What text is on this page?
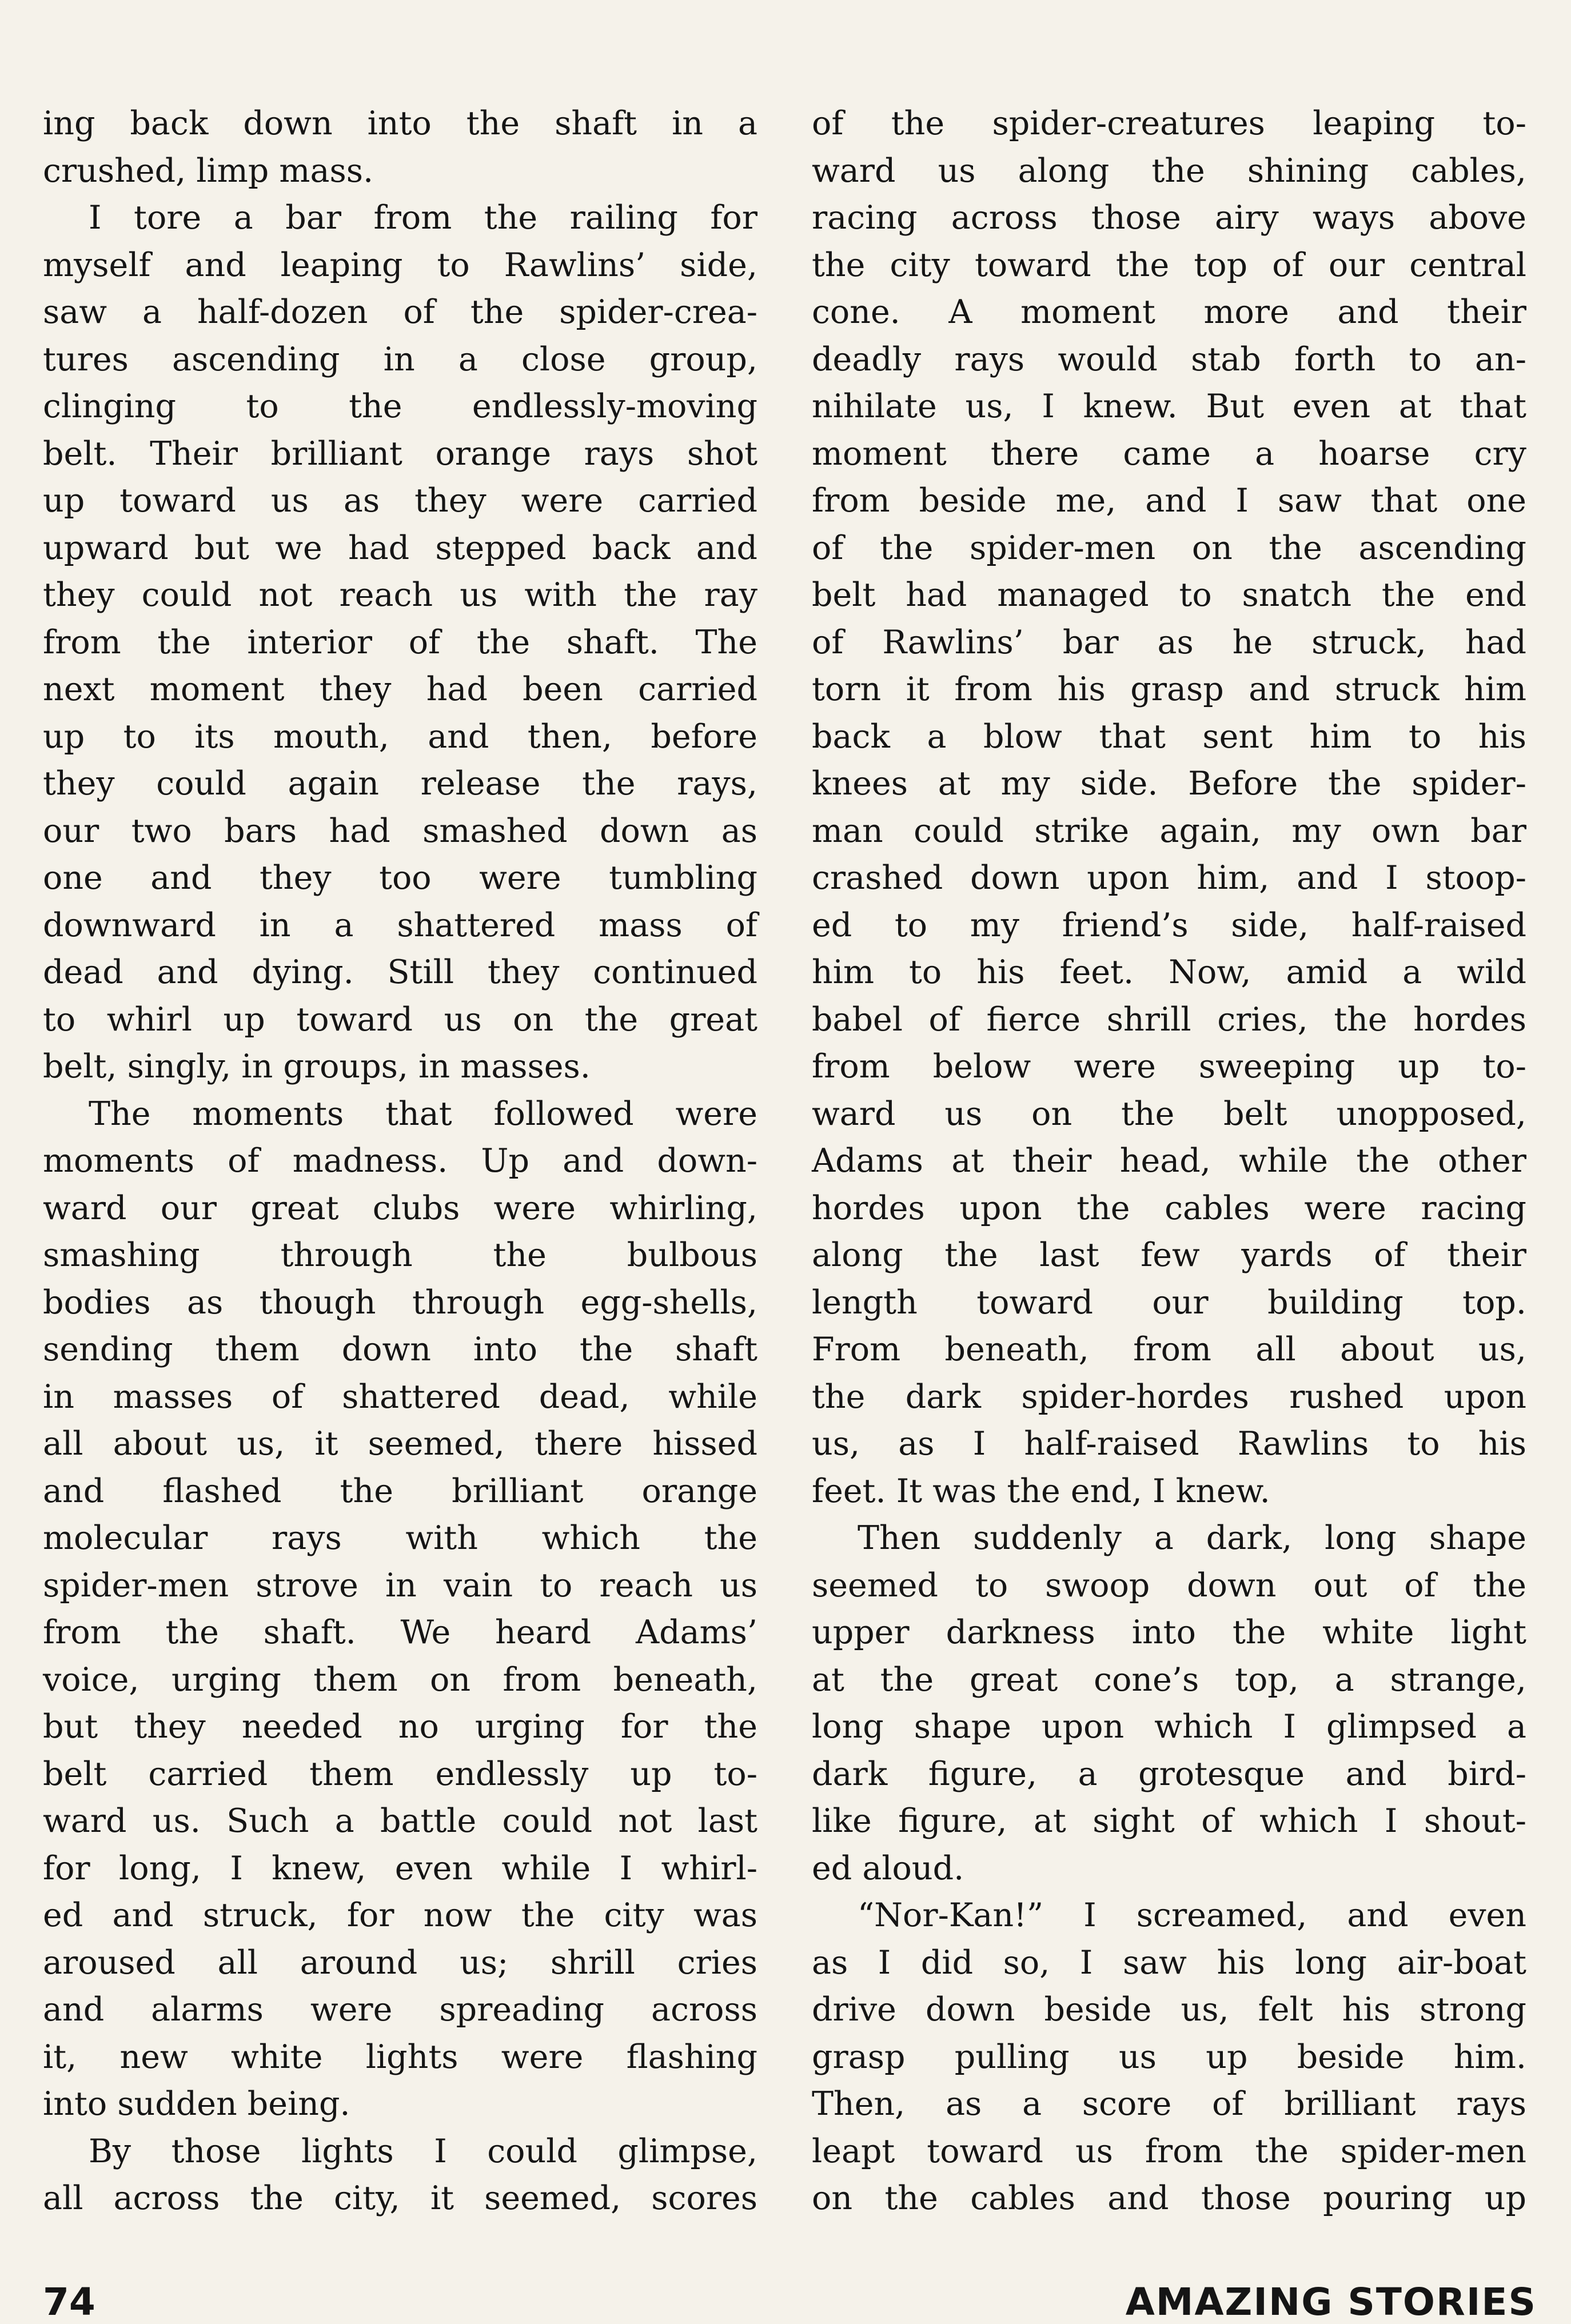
ing back down into the shaft in a
crushed, limp mass.
I tore a bar from the railing for
myself and leaping to Rawlins’ side,
saw a half-dozen of the spider-crea-
tures ascending in a close group,
clinging to the endlessly-moving
belt. Their brilliant orange rays shot
up toward us as they were carried
upward but we had stepped back and
they could not reach us with the ray
from the interior of the shaft. The
next moment they had been carried
up to its mouth, and then, before
they could again release the rays,
our two bars had smashed down as
one and they too were tumbling
downward in a shattered mass of
dead and dying. Still they continued
to whirl up toward us on the great
belt, singly, in groups, in masses.
The moments that followed were
moments of madness. Up and down-
ward our great clubs were whirling,
smashing through the bulbous
bodies as though through egg-shells,
sending them down into the shaft
in masses of shattered dead, while
all about us, it seemed, there hissed
and flashed the brilliant orange
molecular rays with which the
spider-men strove in vain to reach us
from the shaft. We heard Adams’
voice, urging them on from beneath,
but they needed no urging for the
belt carried them endlessly up to-
ward us. Such a battle could not last
for long, I knew, even while I whirl-
ed and struck, for now the city was
aroused all around us; shrill cries
and alarms were spreading across
it, new white lights were flashing
into sudden being.
By those lights I could glimpse,
all across the city, it seemed, scores
of the spider-creatures leaping to-
ward us along the shining cables,
racing across those airy ways above
the city toward the top of our central
cone. A moment more and their
deadly rays would stab forth to an-
nihilate us, I knew. But even at that
moment there came a hoarse cry
from beside me, and I saw that one
of the spider-men on the ascending
belt had managed to snatch the end
of Rawlins’ bar as he struck, had
torn it from his grasp and struck him
back a blow that sent him to his
knees at my side. Before the spider-
man could strike again, my own bar
crashed down upon him, and I stoop-
ed to my friend’s side, half-raised
him to his feet. Now, amid a wild
babel of fierce shrill cries, the hordes
from below were sweeping up to-
ward us on the belt unopposed,
Adams at their head, while the other
hordes upon the cables were racing
along the last few yards of their
length toward our building top.
From beneath, from all about us,
the dark spider-hordes rushed upon
us, as I half-raised Rawlins to his
feet. It was the end, I knew.
Then suddenly a dark, long shape
seemed to swoop down out of the
upper darkness into the white light
at the great cone’s top, a strange,
long shape upon which I glimpsed a
dark figure, a grotesque and bird-
like figure, at sight of which I shout-
ed aloud.
“Nor-Kan!” I screamed, and even
as I did so, I saw his long air-boat
drive down beside us, felt his strong
grasp pulling us up beside him.
Then, as a score of brilliant rays
leapt toward us from the spider-men
on the cables and those pouring up
74	AMAZING STORIES
